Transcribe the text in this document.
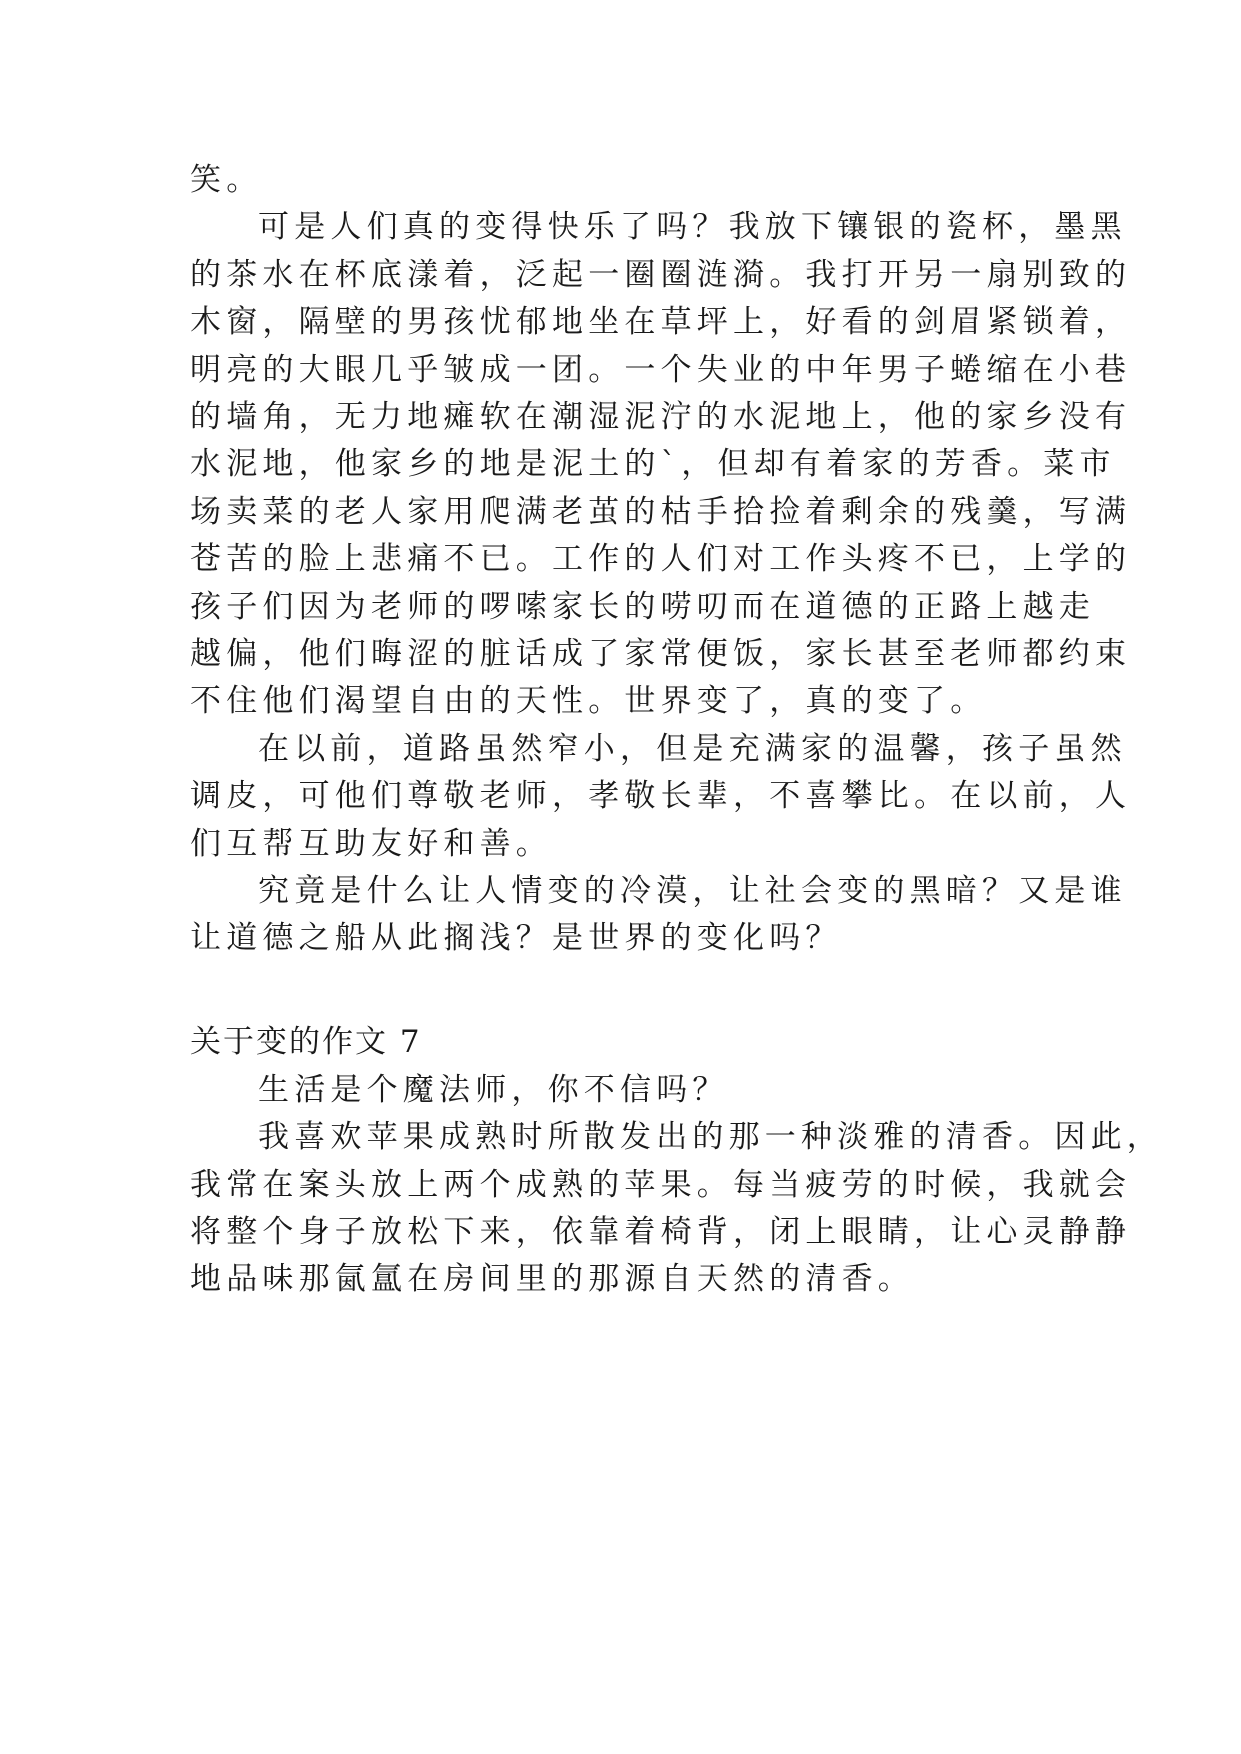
笑。
可是人们真的变得快乐了吗？我放下镶银的瓷杯，墨黑
的茶水在杯底漾着，泛起一圈圈涟漪。我打开另一扇别致的
木窗，隔壁的男孩忧郁地坐在草坪上，好看的剑眉紧锁着，
明亮的大眼几乎皱成一团。一个失业的中年男子蜷缩在小巷
的墙角，无力地瘫软在潮湿泥泞的水泥地上，他的家乡没有
水泥地，他家乡的地是泥土的`，但却有着家的芳香。菜市
场卖菜的老人家用爬满老茧的枯手拾捡着剩余的残羹，写满
苍苦的脸上悲痛不已。工作的人们对工作头疼不已，上学的
孩子们因为老师的啰嗦家长的唠叨而在道德的正路上越走
越偏，他们晦涩的脏话成了家常便饭，家长甚至老师都约束
不住他们渴望自由的天性。世界变了，真的变了。
在以前，道路虽然窄小，但是充满家的温馨，孩子虽然
调皮，可他们尊敬老师，孝敬长辈，不喜攀比。在以前，人
们互帮互助友好和善。
究竟是什么让人情变的冷漠，让社会变的黑暗？又是谁
让道德之船从此搁浅？是世界的变化吗？
关于变的作文 7
生活是个魔法师，你不信吗？
我喜欢苹果成熟时所散发出的那一种淡雅的清香。因此，
我常在案头放上两个成熟的苹果。每当疲劳的时候，我就会
将整个身子放松下来，依靠着椅背，闭上眼睛，让心灵静静
地品味那氤氲在房间里的那源自天然的清香。
